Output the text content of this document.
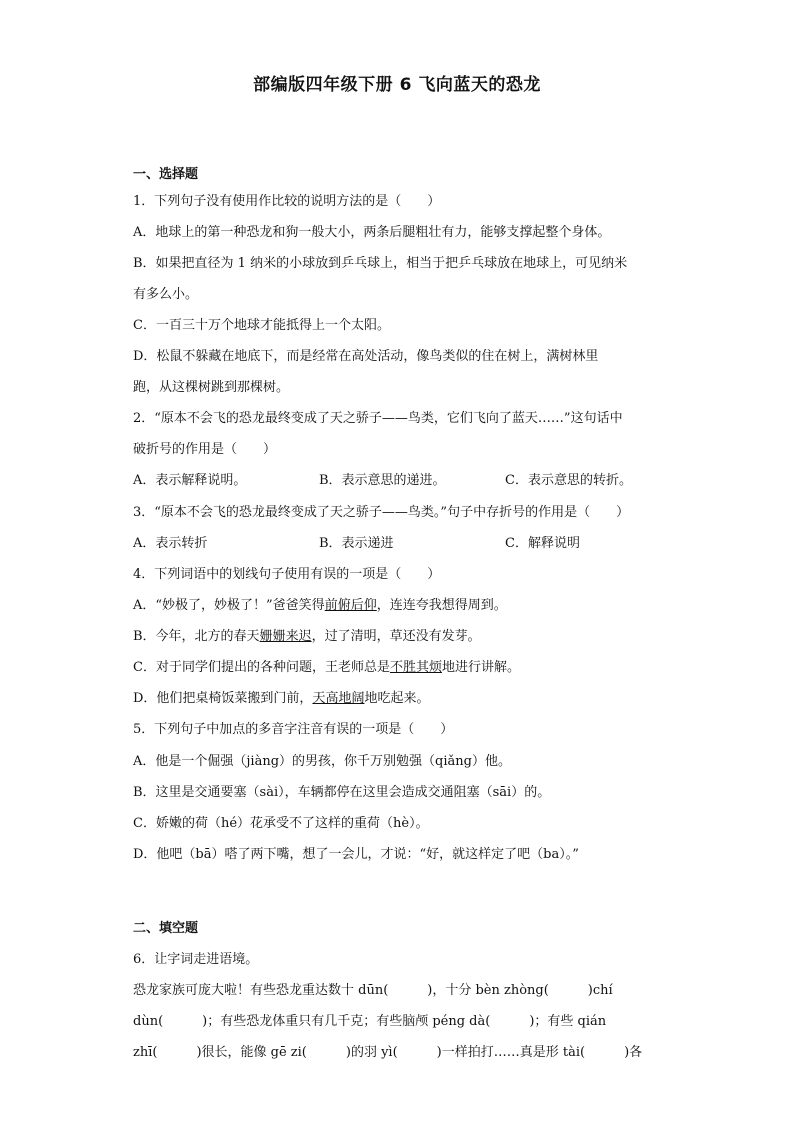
部编版四年级下册 6 飞向蓝天的恐龙
一、选择题
1．下列句子没有使用作比较的说明方法的是（　　）
A．地球上的第一种恐龙和狗一般大小，两条后腿粗壮有力，能够支撑起整个身体。
B．如果把直径为 1 纳米的小球放到乒乓球上，相当于把乒乓球放在地球上，可见纳米
有多么小。
C．一百三十万个地球才能抵得上一个太阳。
D．松鼠不躲藏在地底下，而是经常在高处活动，像鸟类似的住在树上，满树林里
跑，从这棵树跳到那棵树。
2．“原本不会飞的恐龙最终变成了天之骄子——鸟类，它们飞向了蓝天……”这句话中
破折号的作用是（　　）
A．表示解释说明。	B．表示意思的递进。	C．表示意思的转折。
3．“原本不会飞的恐龙最终变成了天之骄子——鸟类。”句子中存折号的作用是（　　）
A．表示转折	B．表示递进	C．解释说明
4．下列词语中的划线句子使用有误的一项是（　　）
A．“妙极了，妙极了！”爸爸笑得前俯后仰，连连夸我想得周到。
B．今年，北方的春天姗姗来迟，过了清明，草还没有发芽。
C．对于同学们提出的各种问题，王老师总是不胜其烦地进行讲解。
D．他们把桌椅饭菜搬到门前，天高地阔地吃起来。
5．下列句子中加点的多音字注音有误的一项是（　　）
A．他是一个倔强（jiàng）的男孩，你千万别勉强（qiǎng）他。
B．这里是交通要塞（sài），车辆都停在这里会造成交通阻塞（sāi）的。
C．娇嫩的荷（hé）花承受不了这样的重荷（hè）。
D．他吧（bā）嗒了两下嘴，想了一会儿，才说：“好，就这样定了吧（ba）。”
二、填空题
6．让字词走进语境。
恐龙家族可庞大啦！有些恐龙重达数十 dūn(　　　)，十分 bèn zhòng(　　　)chí
dùn(　　　)；有些恐龙体重只有几千克；有些脑颅 péng dà(　　　)；有些 qián
zhī(　　　)很长，能像 gē zi(　　　)的羽 yì(　　　)一样拍打……真是形 tài(　　　)各
